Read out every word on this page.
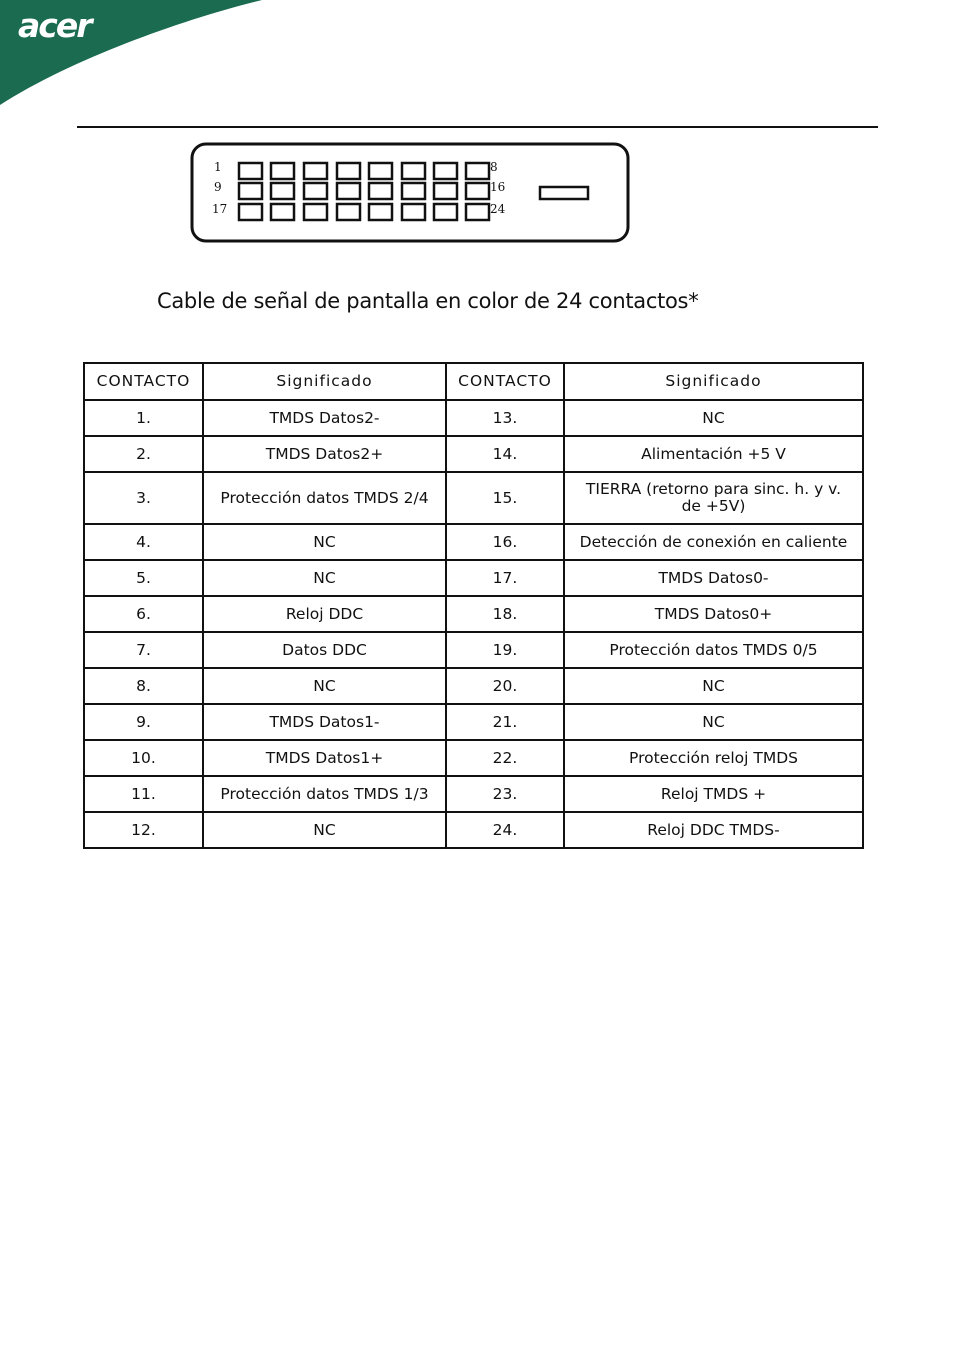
acer
1
9
17
8
16
24
Cable de señal de pantalla en color de 24 contactos*
CONTACTO	Significado	CONTACTO	Significado
1.	TMDS Datos2-	13.	NC
2.	TMDS Datos2+	14.	Alimentación +5 V
3.	Protección datos TMDS 2/4	15.	TIERRA (retorno para sinc. h. y v. de +5V)
4.	NC	16.	Detección de conexión en caliente
5.	NC	17.	TMDS Datos0-
6.	Reloj DDC	18.	TMDS Datos0+
7.	Datos DDC	19.	Protección datos TMDS 0/5
8.	NC	20.	NC
9.	TMDS Datos1-	21.	NC
10.	TMDS Datos1+	22.	Protección reloj TMDS
11.	Protección datos TMDS 1/3	23.	Reloj TMDS +
12.	NC	24.	Reloj DDC TMDS-
